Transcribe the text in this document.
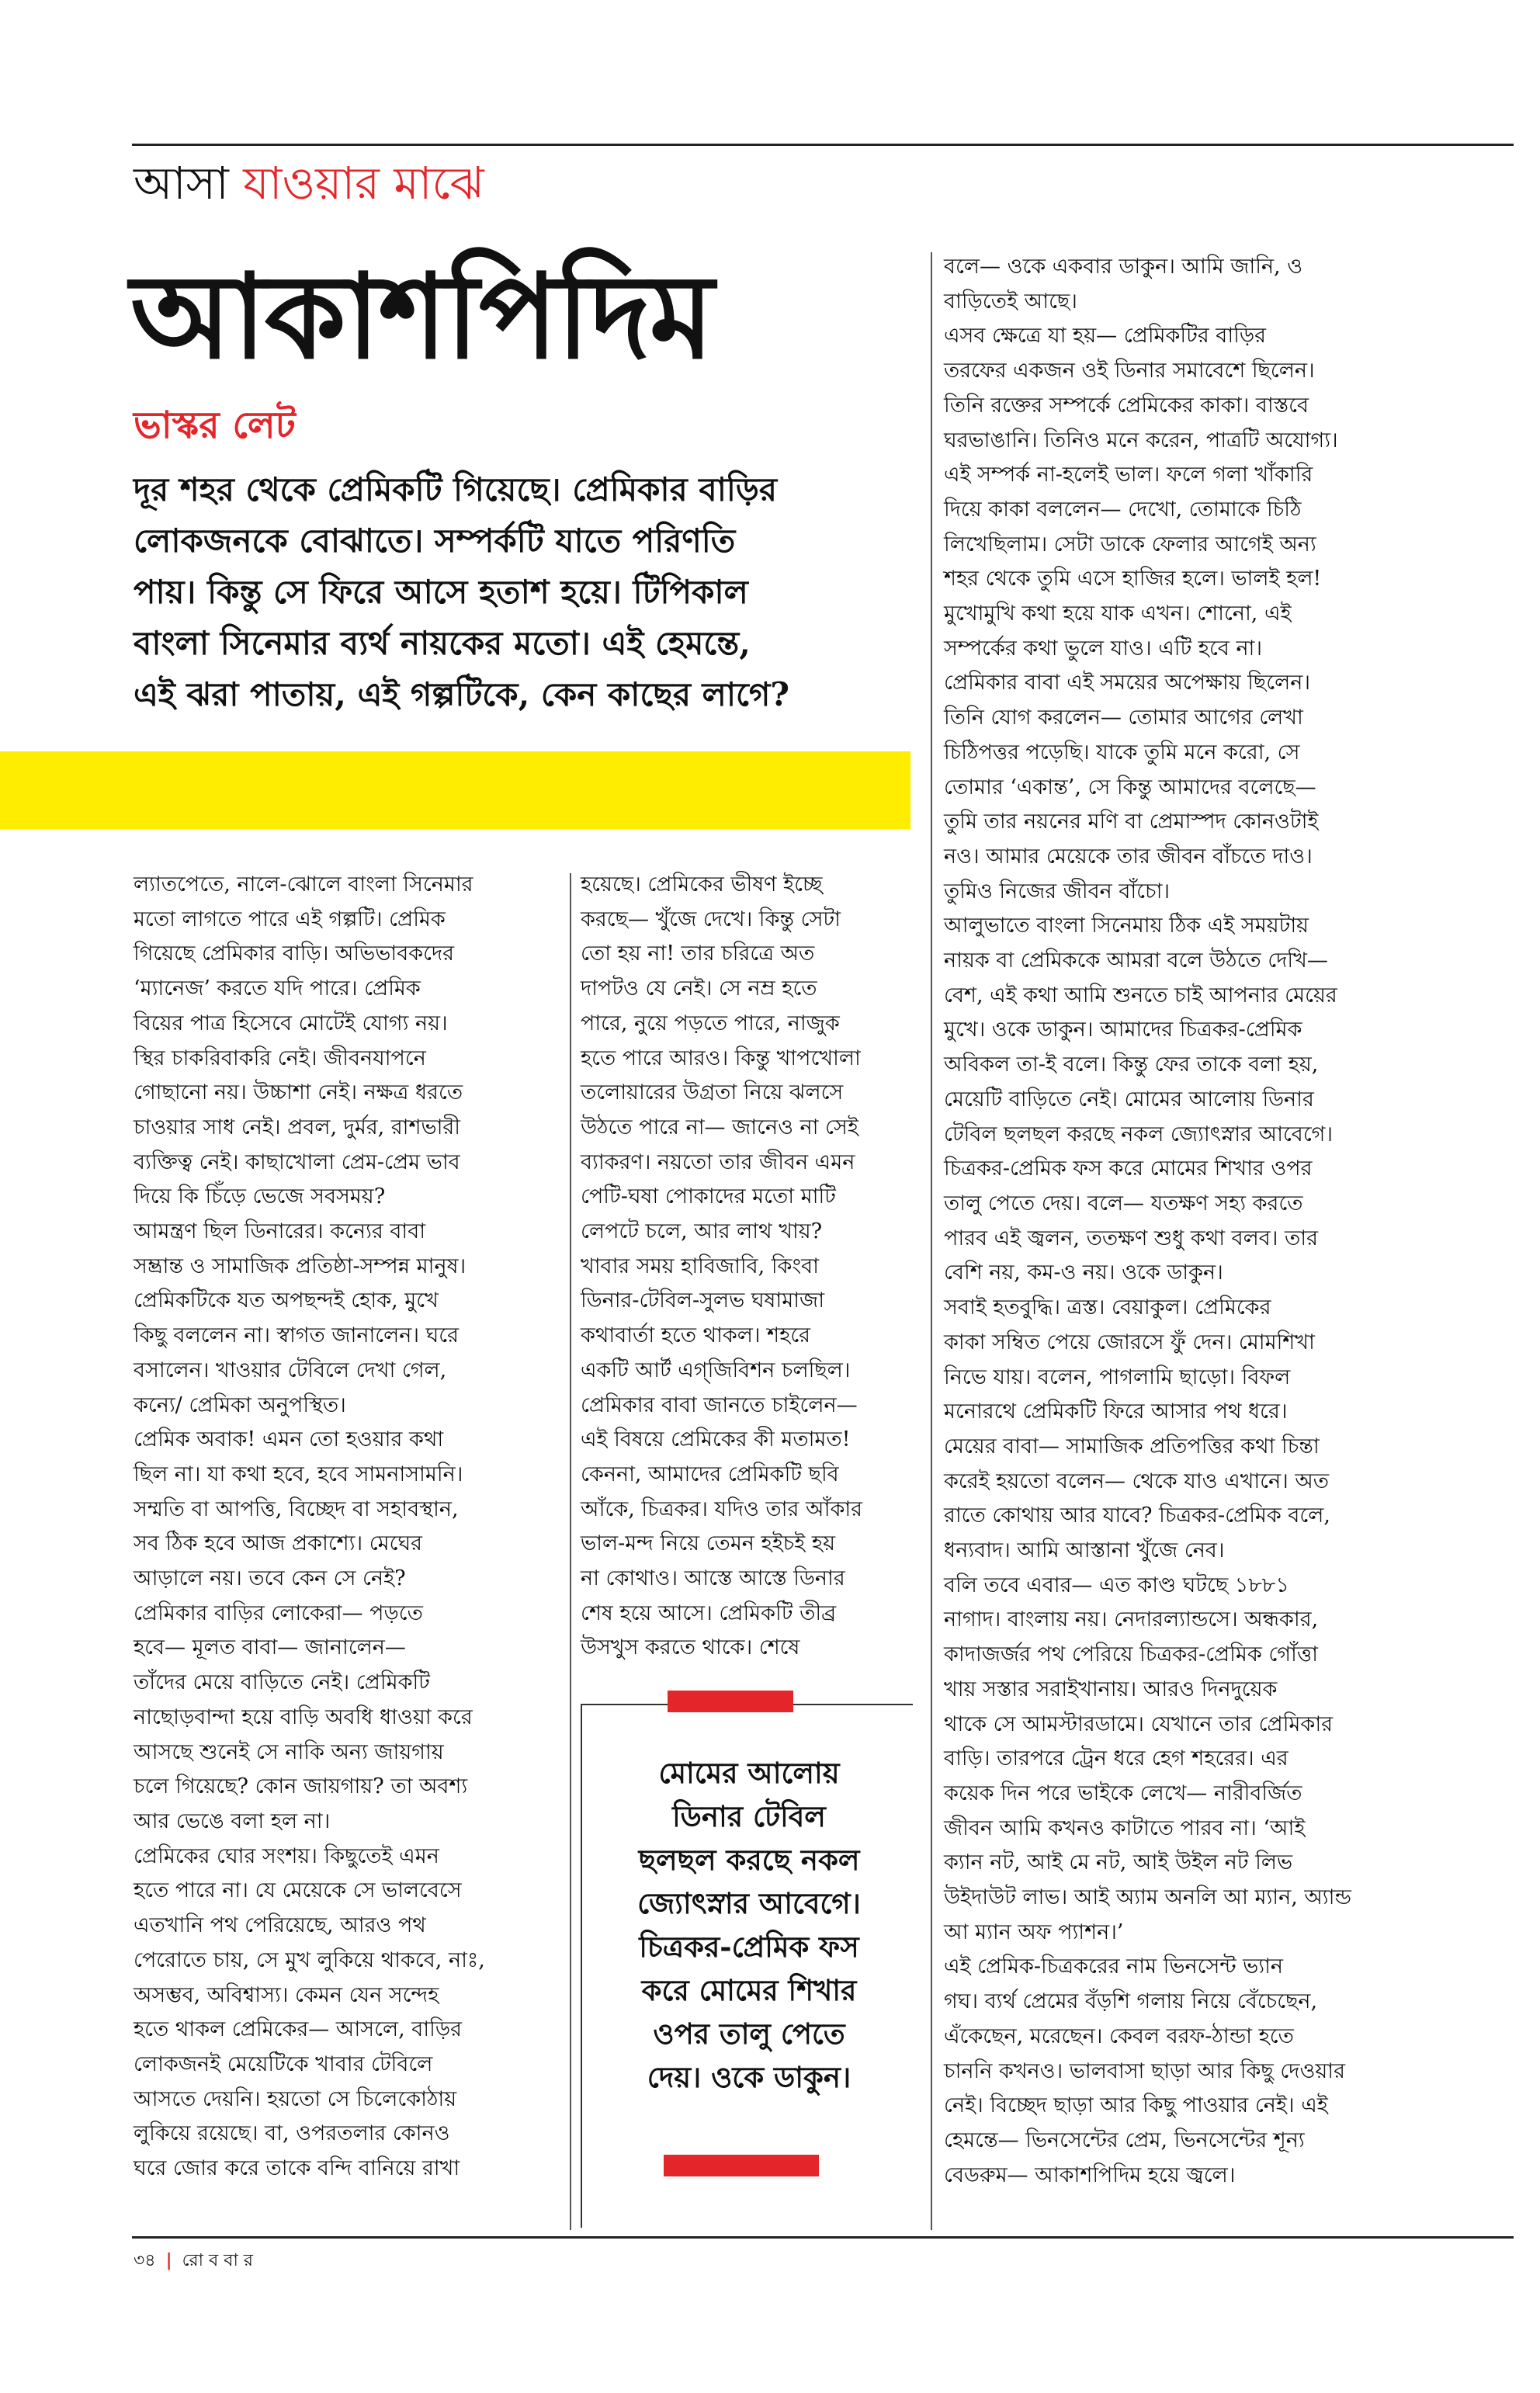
আসা যাওয়ার মাঝে
আকাশপিদিম
ভাস্কর লেট

দূর শহর থেকে প্রেমিকটি গিয়েছে। প্রেমিকার বাড়ির

লোকজনকে বোঝাতে। সম্পর্কটি যাতে পরিণতি

পায়। কিন্তু সে ফিরে আসে হতাশ হয়ে। টিপিকাল

বাংলা সিনেমার ব্যর্থ নায়কের মতো। এই হেমন্তে,

এই ঝরা পাতায়, এই গল্পটিকে, কেন কাছের লাগে?

ল্যাতপেতে, নালে-ঝোলে বাংলা সিনেমার

মতো লাগতে পারে এই গল্পটি। প্রেমিক

গিয়েছে প্রেমিকার বাড়ি। অভিভাবকদের

‘ম্যানেজ’ করতে যদি পারে। প্রেমিক

বিয়ের পাত্র হিসেবে মোটেই যোগ্য নয়।

স্থির চাকরিবাকরি নেই। জীবনযাপনে

গোছানো নয়। উচ্চাশা নেই। নক্ষত্র ধরতে

চাওয়ার সাধ নেই। প্রবল, দুর্মর, রাশভারী

ব্যক্তিত্ব নেই। কাছাখোলা প্রেম-প্রেম ভাব

দিয়ে কি চিঁড়ে ভেজে সবসময়?

আমন্ত্রণ ছিল ডিনারের। কন্যের বাবা

সম্ভ্রান্ত ও সামাজিক প্রতিষ্ঠা-সম্পন্ন মানুষ।

প্রেমিকটিকে যত অপছন্দই হোক, মুখে

কিছু বললেন না। স্বাগত জানালেন। ঘরে

বসালেন। খাওয়ার টেবিলে দেখা গেল,

কন্যে/ প্রেমিকা অনুপস্থিত।

প্রেমিক অবাক! এমন তো হওয়ার কথা

ছিল না। যা কথা হবে, হবে সামনাসামনি।

সম্মতি বা আপত্তি, বিচ্ছেদ বা সহাবস্থান,

সব ঠিক হবে আজ প্রকাশ্যে। মেঘের

আড়ালে নয়। তবে কেন সে নেই?

প্রেমিকার বাড়ির লোকেরা— পড়তে

হবে— মূলত বাবা— জানালেন—

তাঁদের মেয়ে বাড়িতে নেই। প্রেমিকটি

নাছোড়বান্দা হয়ে বাড়ি অবধি ধাওয়া করে

আসছে শুনেই সে নাকি অন্য জায়গায়

চলে গিয়েছে? কোন জায়গায়? তা অবশ্য

আর ভেঙে বলা হল না।

প্রেমিকের ঘোর সংশয়। কিছুতেই এমন

হতে পারে না। যে মেয়েকে সে ভালবেসে

এতখানি পথ পেরিয়েছে, আরও পথ

পেরোতে চায়, সে মুখ লুকিয়ে থাকবে, নাঃ,

অসম্ভব, অবিশ্বাস্য। কেমন যেন সন্দেহ

হতে থাকল প্রেমিকের— আসলে, বাড়ির

লোকজনই মেয়েটিকে খাবার টেবিলে

আসতে দেয়নি। হয়তো সে চিলেকোঠায়

লুকিয়ে রয়েছে। বা, ওপরতলার কোনও

ঘরে জোর করে তাকে বন্দি বানিয়ে রাখা

হয়েছে। প্রেমিকের ভীষণ ইচ্ছে

করছে— খুঁজে দেখে। কিন্তু সেটা

তো হয় না! তার চরিত্রে অত

দাপটও যে নেই। সে নম্র হতে

পারে, নুয়ে পড়তে পারে, নাজুক

হতে পারে আরও। কিন্তু খাপখোলা

তলোয়ারের উগ্রতা নিয়ে ঝলসে

উঠতে পারে না— জানেও না সেই

ব্যাকরণ। নয়তো তার জীবন এমন

পেটি-ঘষা পোকাদের মতো মাটি

লেপটে চলে, আর লাথ খায়?

খাবার সময় হাবিজাবি, কিংবা

ডিনার-টেবিল-সুলভ ঘষামাজা

কথাবার্তা হতে থাকল। শহরে

একটি আর্ট এগ্‌জিবিশন চলছিল।

প্রেমিকার বাবা জানতে চাইলেন—

এই বিষয়ে প্রেমিকের কী মতামত!

কেননা, আমাদের প্রেমিকটি ছবি

আঁকে, চিত্রকর। যদিও তার আঁকার

ভাল-মন্দ নিয়ে তেমন হইচই হয়

না কোথাও। আস্তে আস্তে ডিনার

শেষ হয়ে আসে। প্রেমিকটি তীব্র

উসখুস করতে থাকে। শেষে

মোমের আলোয়

ডিনার টেবিল

ছলছল করছে নকল

জ্যোৎস্নার আবেগে।

চিত্রকর-প্রেমিক ফস

করে মোমের শিখার

ওপর তালু পেতে

দেয়। ওকে ডাকুন।

বলে— ওকে একবার ডাকুন। আমি জানি, ও

বাড়িতেই আছে।

এসব ক্ষেত্রে যা হয়— প্রেমিকটির বাড়ির

তরফের একজন ওই ডিনার সমাবেশে ছিলেন।

তিনি রক্তের সম্পর্কে প্রেমিকের কাকা। বাস্তবে

ঘরভাঙানি। তিনিও মনে করেন, পাত্রটি অযোগ্য।

এই সম্পর্ক না-হলেই ভাল। ফলে গলা খাঁকারি

দিয়ে কাকা বললেন— দেখো, তোমাকে চিঠি

লিখেছিলাম। সেটা ডাকে ফেলার আগেই অন্য

শহর থেকে তুমি এসে হাজির হলে। ভালই হল!

মুখোমুখি কথা হয়ে যাক এখন। শোনো, এই

সম্পর্কের কথা ভুলে যাও। এটি হবে না।

প্রেমিকার বাবা এই সময়ের অপেক্ষায় ছিলেন।

তিনি যোগ করলেন— তোমার আগের লেখা

চিঠিপত্তর পড়েছি। যাকে তুমি মনে করো, সে

তোমার ‘একান্ত’, সে কিন্তু আমাদের বলেছে—

তুমি তার নয়নের মণি বা প্রেমাস্পদ কোনওটাই

নও। আমার মেয়েকে তার জীবন বাঁচতে দাও।

তুমিও নিজের জীবন বাঁচো।

আলুভাতে বাংলা সিনেমায় ঠিক এই সময়টায়

নায়ক বা প্রেমিককে আমরা বলে উঠতে দেখি—

বেশ, এই কথা আমি শুনতে চাই আপনার মেয়ের

মুখে। ওকে ডাকুন। আমাদের চিত্রকর-প্রেমিক

অবিকল তা-ই বলে। কিন্তু ফের তাকে বলা হয়,

মেয়েটি বাড়িতে নেই। মোমের আলোয় ডিনার

টেবিল ছলছল করছে নকল জ্যোৎস্নার আবেগে।

চিত্রকর-প্রেমিক ফস করে মোমের শিখার ওপর

তালু পেতে দেয়। বলে— যতক্ষণ সহ্য করতে

পারব এই জ্বলন, ততক্ষণ শুধু কথা বলব। তার

বেশি নয়, কম-ও নয়। ওকে ডাকুন।

সবাই হতবুদ্ধি। ত্রস্ত। বেয়াকুল। প্রেমিকের

কাকা সম্বিত পেয়ে জোরসে ফুঁ দেন। মোমশিখা

নিভে যায়। বলেন, পাগলামি ছাড়ো। বিফল

মনোরথে প্রেমিকটি ফিরে আসার পথ ধরে।

মেয়ের বাবা— সামাজিক প্রতিপত্তির কথা চিন্তা

করেই হয়তো বলেন— থেকে যাও এখানে। অত

রাতে কোথায় আর যাবে? চিত্রকর-প্রেমিক বলে,

ধন্যবাদ। আমি আস্তানা খুঁজে নেব।

বলি তবে এবার— এত কাণ্ড ঘটছে ১৮৮১

নাগাদ। বাংলায় নয়। নেদারল্যান্ডসে। অন্ধকার,

কাদাজর্জর পথ পেরিয়ে চিত্রকর-প্রেমিক গোঁত্তা

খায় সস্তার সরাইখানায়। আরও দিনদুয়েক

থাকে সে আমস্টারডামে। যেখানে তার প্রেমিকার

বাড়ি। তারপরে ট্রেন ধরে হেগ শহরের। এর

কয়েক দিন পরে ভাইকে লেখে— নারীবর্জিত

জীবন আমি কখনও কাটাতে পারব না। ‘আই

ক্যান নট, আই মে নট, আই উইল নট লিভ

উইদাউট লাভ। আই অ্যাম অনলি আ ম্যান, অ্যান্ড

আ ম্যান অফ প্যাশন।’

এই প্রেমিক-চিত্রকরের নাম ভিনসেন্ট ভ্যান

গঘ। ব্যর্থ প্রেমের বঁড়শি গলায় নিয়ে বেঁচেছেন,

এঁকেছেন, মরেছেন। কেবল বরফ-ঠান্ডা হতে

চাননি কখনও। ভালবাসা ছাড়া আর কিছু দেওয়ার

নেই। বিচ্ছেদ ছাড়া আর কিছু পাওয়ার নেই। এই

হেমন্তে— ভিনসেন্টের প্রেম, ভিনসেন্টের শূন্য

বেডরুম— আকাশপিদিম হয়ে জ্বলে।

৩৪ | রো ব বা র
